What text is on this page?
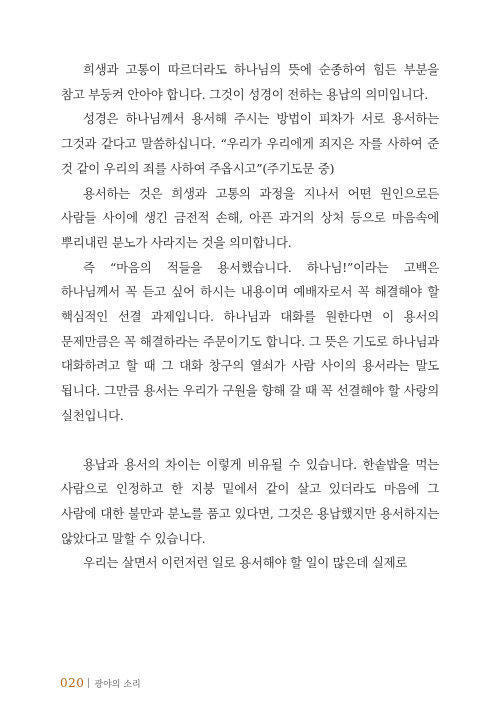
희생과 고통이 따르더라도 하나님의 뜻에 순종하여 힘든 부분을 참고 부둥켜 안아야 합니다. 그것이 성경이 전하는 용납의 의미입니다.

성경은 하나님께서 용서해 주시는 방법이 피차가 서로 용서하는 그것과 같다고 말씀하십니다. “우리가 우리에게 죄지은 자를 사하여 준 것 같이 우리의 죄를 사하여 주옵시고”(주기도문 중)

용서하는 것은 희생과 고통의 과정을 지나서 어떤 원인으로든 사람들 사이에 생긴 금전적 손해, 아픈 과거의 상처 등으로 마음속에 뿌리내린 분노가 사라지는 것을 의미합니다.

즉 “마음의 적들을 용서했습니다. 하나님!”이라는 고백은 하나님께서 꼭 듣고 싶어 하시는 내용이며 예배자로서 꼭 해결해야 할 핵심적인 선결 과제입니다. 하나님과 대화를 원한다면 이 용서의 문제만큼은 꼭 해결하라는 주문이기도 합니다. 그 뜻은 기도로 하나님과 대화하려고 할 때 그 대화 창구의 열쇠가 사람 사이의 용서라는 말도 됩니다. 그만큼 용서는 우리가 구원을 향해 갈 때 꼭 선결해야 할 사랑의 실천입니다.

용납과 용서의 차이는 이렇게 비유될 수 있습니다. 한솥밥을 먹는 사람으로 인정하고 한 지붕 밑에서 같이 살고 있더라도 마음에 그 사람에 대한 불만과 분노를 품고 있다면, 그것은 용납했지만 용서하지는 않았다고 말할 수 있습니다.

우리는 살면서 이런저런 일로 용서해야 할 일이 많은데 실제로

020 광야의 소리
